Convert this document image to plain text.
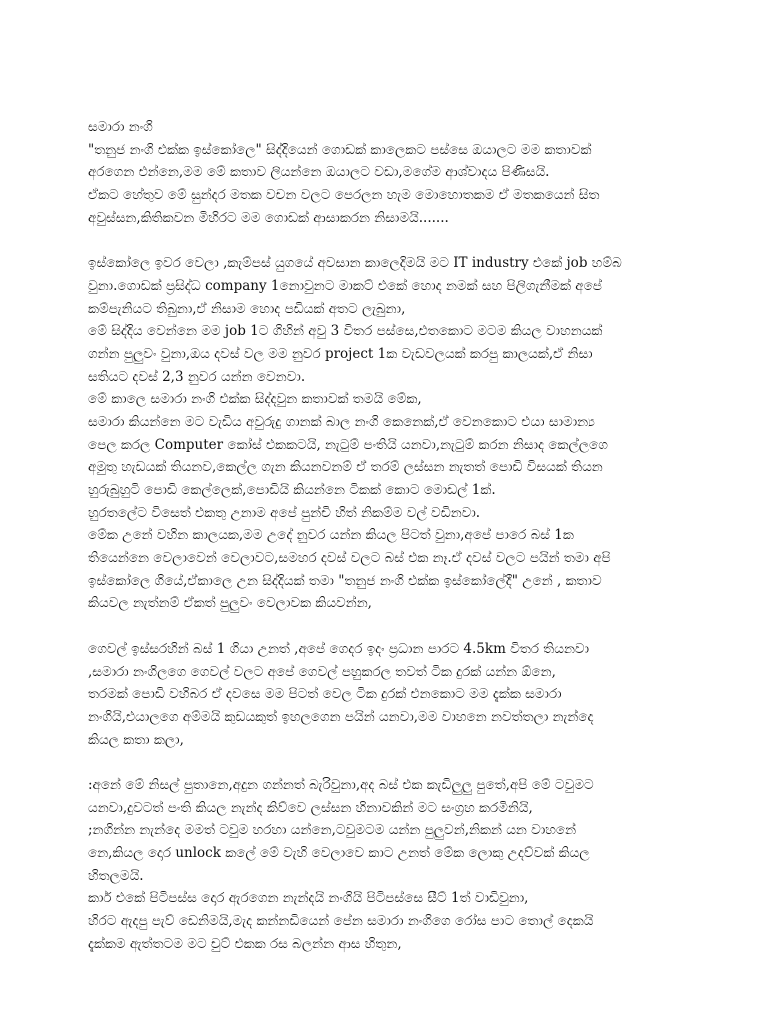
සමාරා නංගි
"තනුජ නංගි එක්ක ඉස්කෝලෙ" සිද්දියෙන් ගොඩක් කාලෙකට පස්සෙ ඔයාලට මම කතාවක්
අරගෙන එන්නෙ,මම මේ කතාව ලියන්නෙ ඔයාලට වඩා,මගේම ආශ්වාදය පිණිසයි.
ඒකට හේතුව මේ සුන්දර මතක වචන වලට පෙරලන හැම මොහොතකම ඒ මතකයෙන් සිත
අවුස්සන,කිතිකවන මිහිරට මම ගොඩක් ආසාකරන නිසාමයි.......
ඉස්කෝලෙ ඉවර වෙලා ,කැම්පස් යුගයේ අවසාන කාලෙදිමයි මට IT industry එකේ job හම්බ
වුනා.ගොඩක් ප්‍රසිද්ධ company 1නොවුනට මාකට් එකේ හොද නමක් සහ පිලිගැනීමක් අපේ
කම්පැනියට තිබුනා,ඒ නිසාම හොද පඩියක් අතට ලැබුනා,
මේ සිද්දිය වෙන්නෙ මම job 1ට ගිහින් අවු 3 විතර පස්සෙ,එතකොට මටම කියල වාහනයක්
ගන්න පුලුවං වුනා,ඔය දවස් වල මම නුවර project 1ක වැඩවලයක් කරපු කාලයක්,ඒ නිසා
සතියට දවස් 2,3 නුවර යන්න වෙනවා.
මේ කාලෙ සමාරා නංගි එක්ක සිද්දවුන කතාවක් තමයි මේක,
සමාරා කියන්නෙ මට වැඩිය අවුරුදු ගානක් බාල නංගි කෙනෙක්,ඒ වෙනකොට එයා සාමාන්‍ය
පෙල කරල Computer කෝස් එකකටයි, නැටුම් පංතියි යනවා,නැටුම් කරන නිසාද කෙල්ලගෙ
අමුතු හැඩයක් තියනව,කෙල්ල ගැන කියනවනම් ඒ තරම් ලස්සන නැතත් පොඩි විසයක් තියන
හුරුබුහුටි පොඩි කෙල්ලෙක්,පොඩියි කියන්නෙ ටිකක් කොට මොඩල් 1ක්.
හුරතලේට විසෙත් එකතු උනාම අපේ පුන්චි හිත් නිකම්ම වල් වඩිනවා.
මේක උනේ වහින කාලයක,මම උදේ නුවර යන්න කියල පිටත් වුනා,අපේ පාරෙ බස් 1ක
තියෙන්නෙ වෙලාවෙන් වෙලාවට,සමහර දවස් වලට බස් එක නෑ.ඒ දවස් වලට පයින් තමා අපි
ඉස්කෝලෙ ගියේ,ඒකාලෙ උන සිද්දියක් තමා "තනුජ නංගි එක්ක ඉස්කෝලේදී" උනේ , කතාව
කියවල නැත්නම් ඒකත් පුලුවං වෙලාවක කියවන්න,
ගෙවල් ඉස්සරහින් බස් 1 ගියා උනත් ,අපේ ගෙදර ඉදං ප්‍රධාන පාරට 4.5km විතර තියනවා
,සමාරා නංගිලගෙ ගෙවල් වලට අපේ ගෙවල් පහුකරල තවත් ටික දුරක් යන්න ඕනෙ,
තරමක් පොඩි වහිබර ඒ දවසෙ මම පිටත් වෙල ටික දුරක් එනකොට මම දැක්ක සමාරා
නංගියි,එයාලගෙ අම්මයි කුඩයකුත් ඉහලගෙන පයින් යනවා,මම වාහනෙ නවත්තලා නැන්දෙ
කියල කතා කලා,
:අනේ මේ නිසල් පුතානෙ,අදුන ගන්නත් බැරිවුනා,අද බස් එක කැඩිලුලු පුතේ,අපි මේ ටවුමට
යනවා,දුවටත් පංති කියල නැන්ද කිව්වෙ ලස්සන හිනාවකින් මට සංග්‍රහ කරමිනියි,
;නගින්න නැන්දෙ මමත් ටවුම හරහා යන්නෙ,ටවුමටම යන්න පුලුවන්,නිකන් යන වාහනේ
නෙ,කියල දොර unlock කලේ මේ වැහි වෙලාවෙ කාට උනත් මේක ලොකු උදව්වක් කියල
හිතලමයි.
කාර් එකේ පිටිපස්ස දොර ඇරගෙන නැන්දයි නංගියි පිටිපස්සෙ සීට් 1ත් වාඩිවුනා,
හිරට ඇදපු පැව් ඩෙනිමයි,මැද කන්නඩියෙන් පේන සමාරා නංගිගෙ රෝස පාට තොල් දෙකයි
දැක්කම ඇත්තටම මට චුට් එකක රස බලන්න ආස හිතුන,
